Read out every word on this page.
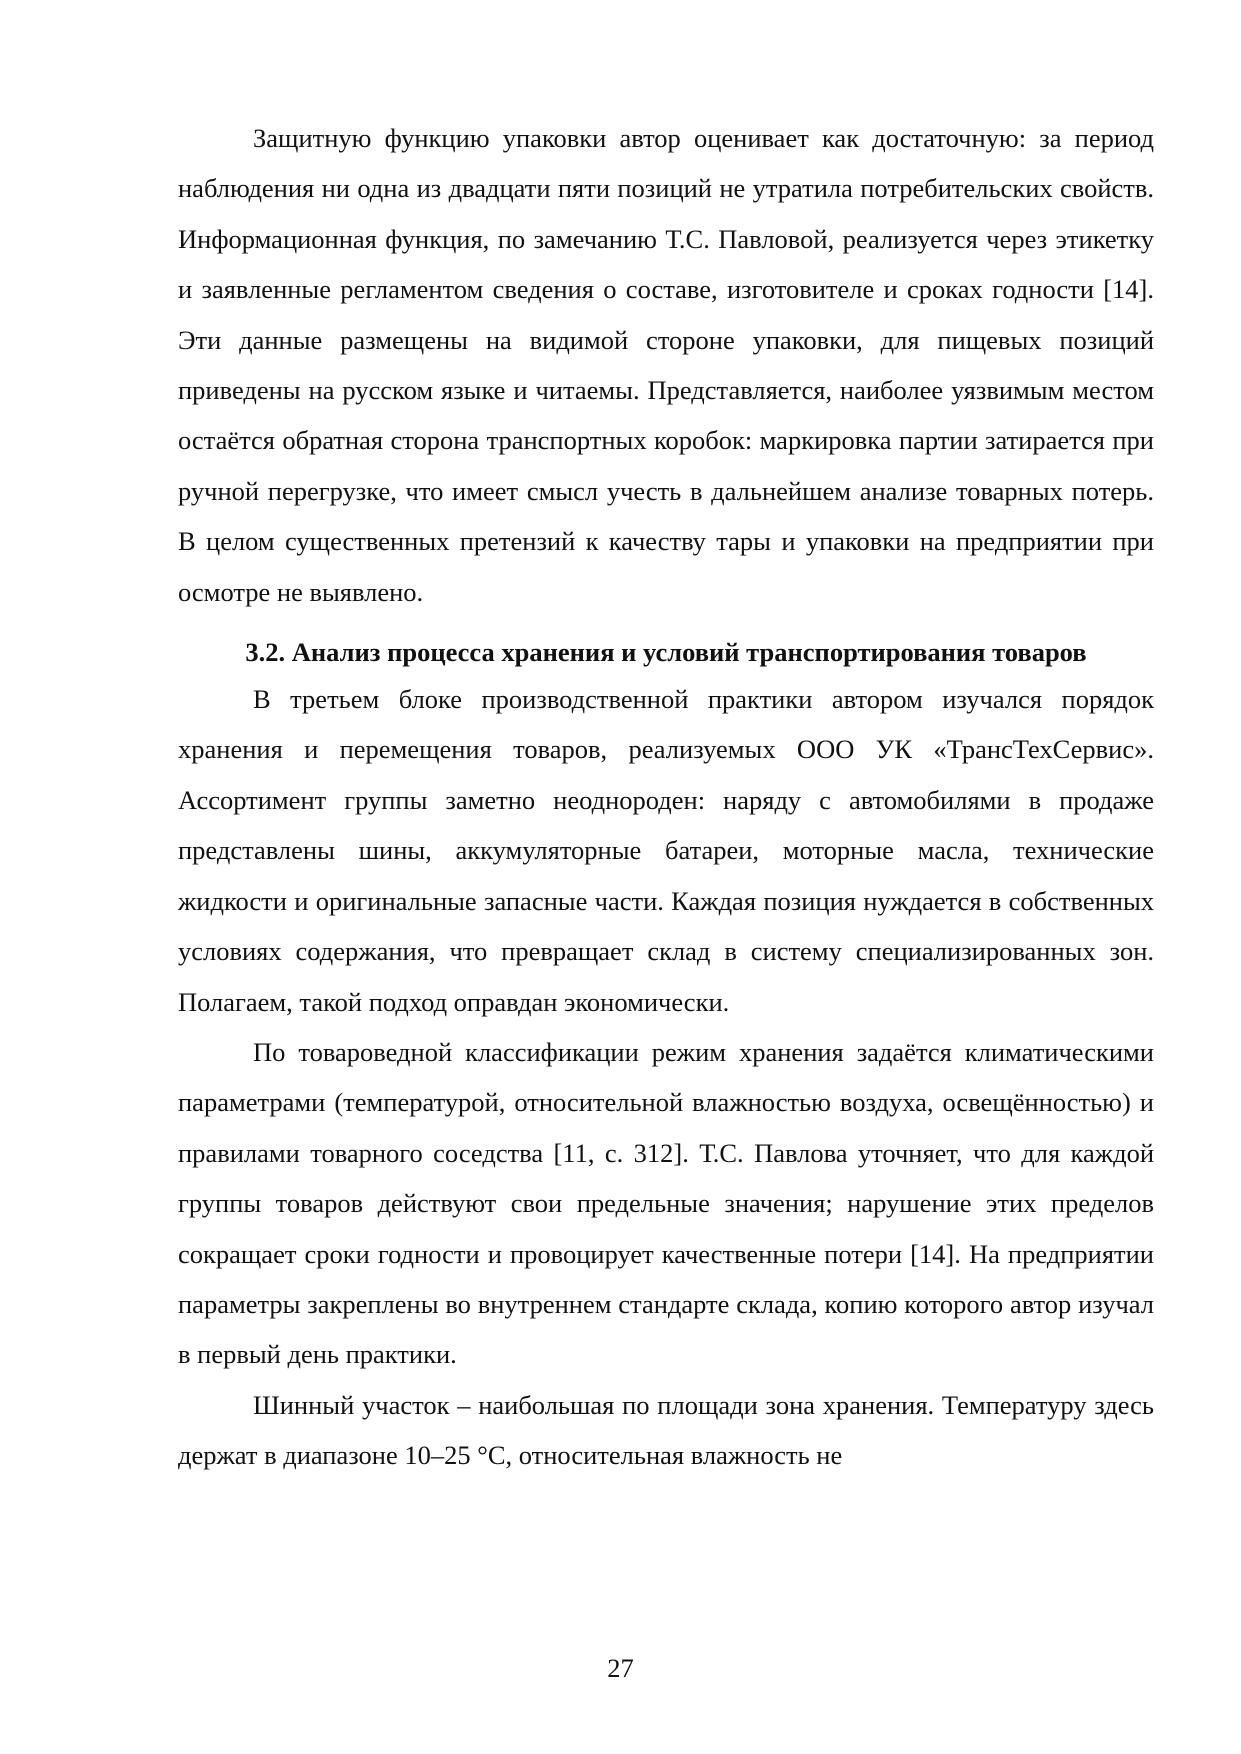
Защитную функцию упаковки автор оценивает как достаточную: за период наблюдения ни одна из двадцати пяти позиций не утратила потребительских свойств. Информационная функция, по замечанию Т.С. Павловой, реализуется через этикетку и заявленные регламентом сведения о составе, изготовителе и сроках годности [14]. Эти данные размещены на видимой стороне упаковки, для пищевых позиций приведены на русском языке и читаемы. Представляется, наиболее уязвимым местом остаётся обратная сторона транспортных коробок: маркировка партии затирается при ручной перегрузке, что имеет смысл учесть в дальнейшем анализе товарных потерь. В целом существенных претензий к качеству тары и упаковки на предприятии при осмотре не выявлено.

3.2. Анализ процесса хранения и условий транспортирования товаров

В третьем блоке производственной практики автором изучался порядок хранения и перемещения товаров, реализуемых ООО УК «ТрансТехСервис». Ассортимент группы заметно неоднороден: наряду с автомобилями в продаже представлены шины, аккумуляторные батареи, моторные масла, технические жидкости и оригинальные запасные части. Каждая позиция нуждается в собственных условиях содержания, что превращает склад в систему специализированных зон. Полагаем, такой подход оправдан экономически.

По товароведной классификации режим хранения задаётся климатическими параметрами (температурой, относительной влажностью воздуха, освещённостью) и правилами товарного соседства [11, с. 312]. Т.С. Павлова уточняет, что для каждой группы товаров действуют свои предельные значения; нарушение этих пределов сокращает сроки годности и провоцирует качественные потери [14]. На предприятии параметры закреплены во внутреннем стандарте склада, копию которого автор изучал в первый день практики.

Шинный участок – наибольшая по площади зона хранения. Температуру здесь держат в диапазоне 10–25 °С, относительная влажность не

27
